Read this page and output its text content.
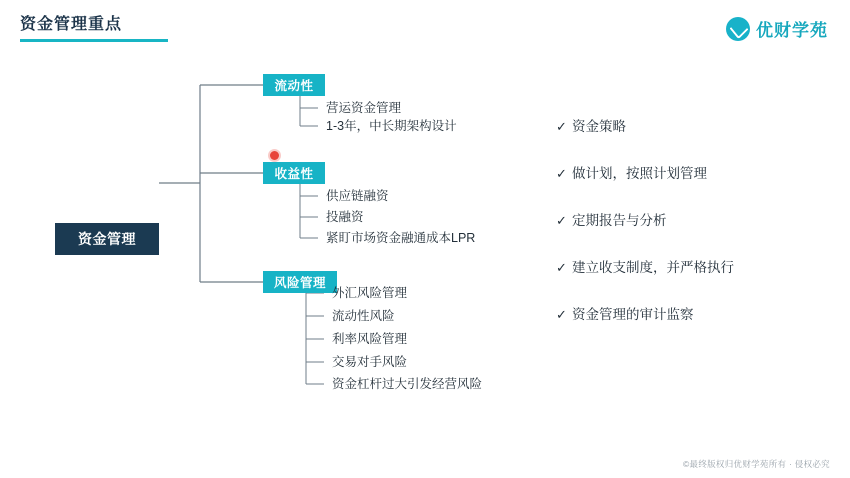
资金管理重点	优财学苑
资金管理
流动性
营运资金管理
1-3年，中长期架构设计
收益性
供应链融资
投融资
紧盯市场资金融通成本LPR
风险管理
外汇风险管理
流动性风险
利率风险管理
交易对手风险
资金杠杆过大引发经营风险
✓ 资金策略
✓ 做计划，按照计划管理
✓ 定期报告与分析
✓ 建立收支制度，并严格执行
✓ 资金管理的审计监察
©最终版权归优财学苑所有 · 侵权必究
